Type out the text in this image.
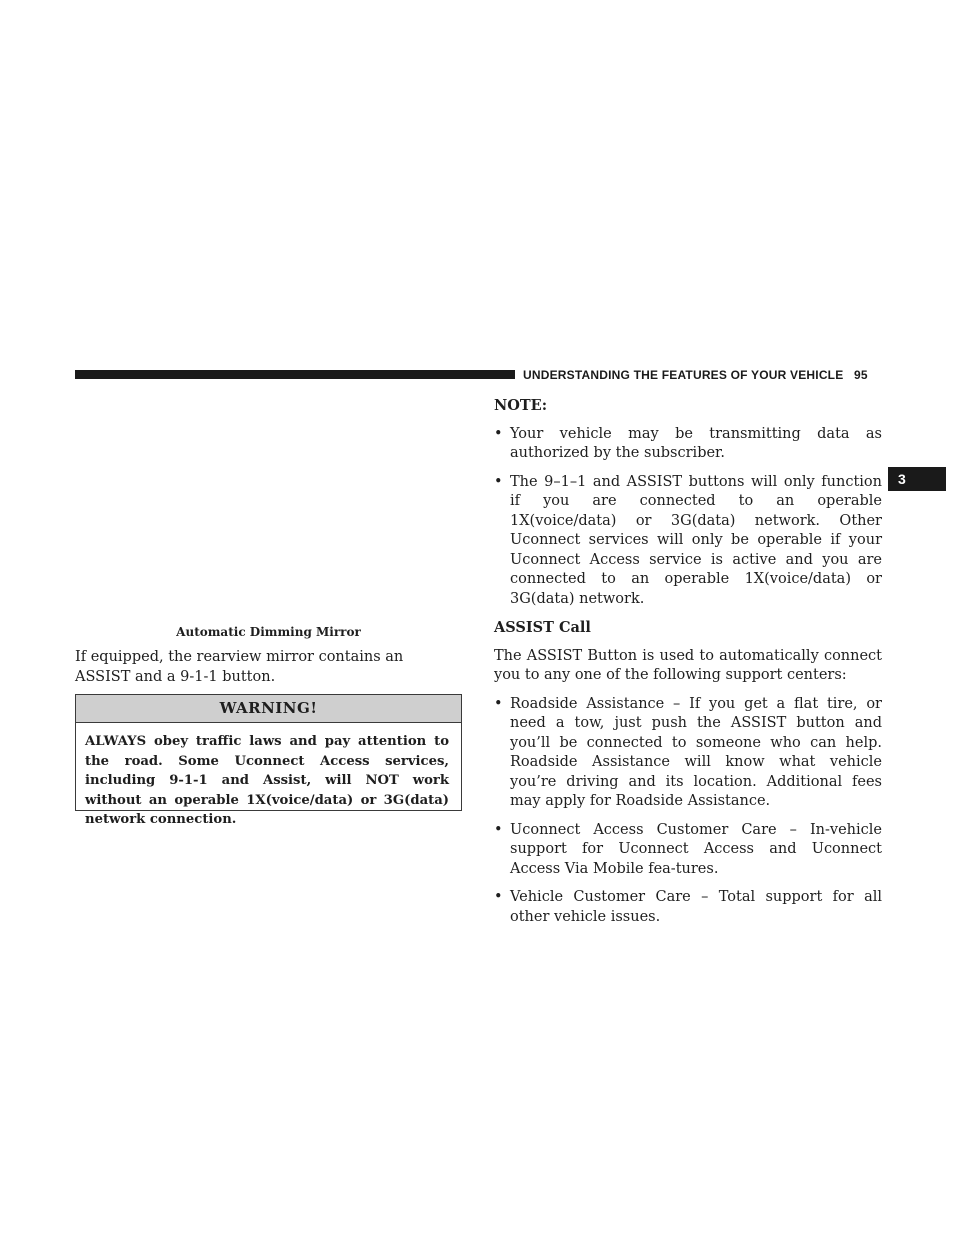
UNDERSTANDING THE FEATURES OF YOUR VEHICLE 95
3
Automatic Dimming Mirror

If equipped, the rearview mirror contains an ASSIST and a 9-1-1 button.

WARNING!
ALWAYS obey traffic laws and pay attention to the road. Some Uconnect Access services, including 9-1-1 and Assist, will NOT work without an operable 1X(voice/data) or 3G(data) network connection.

NOTE:

• Your vehicle may be transmitting data as authorized by the subscriber.
• The 9–1–1 and ASSIST buttons will only function if you are connected to an operable 1X(voice/data) or 3G(data) network. Other Uconnect services will only be operable if your Uconnect Access service is active and you are connected to an operable 1X(voice/data) or 3G(data) network.

ASSIST Call

The ASSIST Button is used to automatically connect you to any one of the following support centers:

• Roadside Assistance – If you get a flat tire, or need a tow, just push the ASSIST button and you’ll be connected to someone who can help. Roadside Assistance will know what vehicle you’re driving and its location. Additional fees may apply for Roadside Assistance.
• Uconnect Access Customer Care – In-vehicle support for Uconnect Access and Uconnect Access Via Mobile fea-tures.
• Vehicle Customer Care – Total support for all other vehicle issues.
